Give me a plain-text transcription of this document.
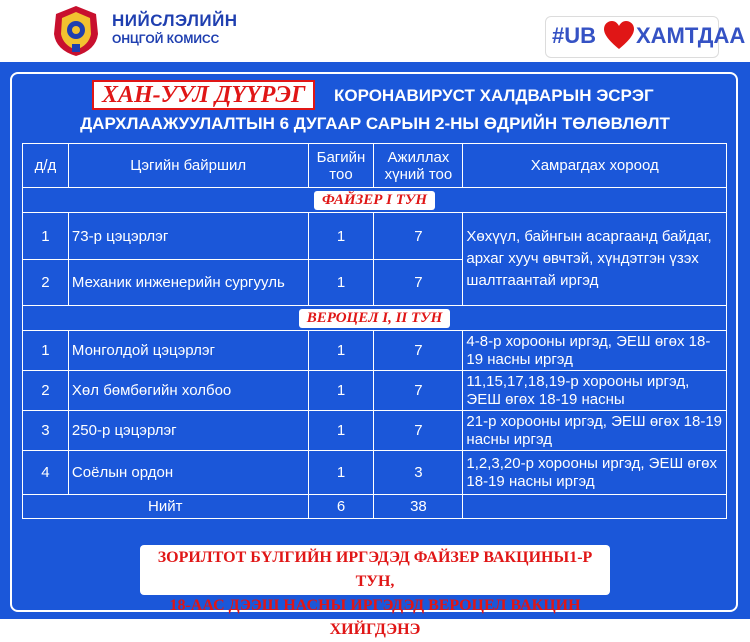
НИЙСЛЭЛИЙН
ОНЦГОЙ КОМИСС	#UB ХАМТДАА
ХАН-УУЛ ДҮҮРЭГ	КОРОНАВИРУСТ ХАЛДВАРЫН ЭСРЭГ
ДАРХЛААЖУУЛАЛТЫН 6 ДУГААР САРЫН 2-НЫ ӨДРИЙН ТӨЛӨВЛӨЛТ
д/д	Цэгийн байршил	Багийн тоо	Ажиллах хүний тоо	Хамрагдах хороод
ФАЙЗЕР I ТУН				
1	73-р цэцэрлэг	1	7	Хөхүүл, байнгын асаргаанд байдаг, архаг хууч өвчтэй, хүндэтгэн үзэх шалтгаантай иргэд
2	Механик инженерийн сургууль	1	7	
ВЕРОЦЕЛ I, II ТУН				
1	Монголдой цэцэрлэг	1	7	4-8-р хорооны иргэд, ЭЕШ өгөх 18-19 насны иргэд
2	Хөл бөмбөгийн холбоо	1	7	11,15,17,18,19-р хорооны иргэд, ЭЕШ өгөх 18-19 насны
3	250-р цэцэрлэг	1	7	21-р хорооны иргэд, ЭЕШ өгөх 18-19 насны иргэд
4	Соёлын ордон	1	3	1,2,3,20-р хорооны иргэд, ЭЕШ өгөх 18-19 насны иргэд
Нийт		6	38	
ЗОРИЛТОТ БҮЛГИЙН ИРГЭДЭД ФАЙЗЕР ВАКЦИНЫ1-Р ТУН,
18-ААС ДЭЭШ НАСНЫ ИРГЭДЭД ВЕРОЦЕЛ ВАКЦИН ХИЙГДЭНЭ
